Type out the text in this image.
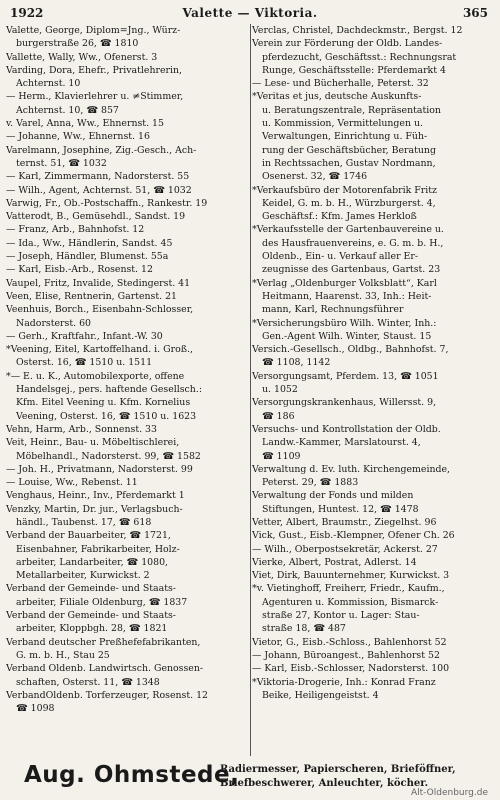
1922	Valette — Viktoria.	365
Valette, George, Diplom=Jng., Würz-
burgerstraße 26, ☎ 1810
Vallette, Wally, Ww., Ofenerst. 3
Varding, Dora, Ehefr., Privatlehrerin,
Achternst. 10
— Herm., Klavierlehrer u. ≠Stimmer,
Achternst. 10, ☎ 857
v. Varel, Anna, Ww., Ehnernst. 15
— Johanne, Ww., Ehnernst. 16
Varelmann, Josephine, Zig.-Gesch., Ach-
ternst. 51, ☎ 1032
— Karl, Zimmermann, Nadorsterst. 55
— Wilh., Agent, Achternst. 51, ☎ 1032
Varwig, Fr., Ob.-Postschaffn., Rankestr. 19
Vatterodt, B., Gemüsehdl., Sandst. 19
— Franz, Arb., Bahnhofst. 12
— Ida., Ww., Händlerin, Sandst. 45
— Joseph, Händler, Blumenst. 55a
— Karl, Eisb.-Arb., Rosenst. 12
Vaupel, Fritz, Invalide, Stedingerst. 41
Veen, Elise, Rentnerin, Gartenst. 21
Veenhuis, Borch., Eisenbahn-Schlosser,
Nadorsterst. 60
— Gerh., Kraftfahr., Infant.-W. 30
*Veening, Eitel, Kartoffelhand. i. Groß.,
Osterst. 16, ☎ 1510 u. 1511
*— E. u. K., Automobilexporte, offene
Handelsgej., pers. haftende Gesellsch.:
Kfm. Eitel Veening u. Kfm. Kornelius
Veening, Osterst. 16, ☎ 1510 u. 1623
Vehn, Harm, Arb., Sonnenst. 33
Veit, Heinr., Bau- u. Möbeltischlerei,
Möbelhandl., Nadorsterst. 99, ☎ 1582
— Joh. H., Privatmann, Nadorsterst. 99
— Louise, Ww., Rebenst. 11
Venghaus, Heinr., Inv., Pferdemarkt 1
Venzky, Martin, Dr. jur., Verlagsbuch-
händl., Taubenst. 17, ☎ 618
Verband der Bauarbeiter, ☎ 1721,
Eisenbahner, Fabrikarbeiter, Holz-
arbeiter, Landarbeiter, ☎ 1080,
Metallarbeiter, Kurwickst. 2
Verband der Gemeinde- und Staats-
arbeiter, Filiale Oldenburg, ☎ 1837
Verband der Gemeinde- und Staats-
arbeiter, Kloppbgh. 28, ☎ 1821
Verband deutscher Preßhefefabrikanten,
G. m. b. H., Stau 25
Verband Oldenb. Landwirtsch. Genossen-
schaften, Osterst. 11, ☎ 1348
VerbandOldenb. Torferzeuger, Rosenst. 12
☎ 1098
Verclas, Christel, Dachdeckmstr., Bergst. 12
Verein zur Förderung der Oldb. Landes-
pferdezucht, Geschäftsst.: Rechnungsrat
Runge, Geschäftsstelle: Pferdemarkt 4
— Lese- und Bücherhalle, Peterst. 32
*Veritas et jus, deutsche Auskunfts-
u. Beratungszentrale, Repräsentation
u. Kommission, Vermittelungen u.
Verwaltungen, Einrichtung u. Füh-
rung der Geschäftsbücher, Beratung
in Rechtssachen, Gustav Nordmann,
Osenerst. 32, ☎ 1746
*Verkaufsbüro der Motorenfabrik Fritz
Keidel, G. m. b. H., Würzburgerst. 4,
Geschäftsf.: Kfm. James Herkloß
*Verkaufsstelle der Gartenbauvereine u.
des Hausfrauenvereins, e. G. m. b. H.,
Oldenb., Ein- u. Verkauf aller Er-
zeugnisse des Gartenbaus, Gartst. 23
*Verlag „Oldenburger Volksblatt“, Karl
Heitmann, Haarenst. 33, Inh.: Heit-
mann, Karl, Rechnungsführer
*Versicherungsbüro Wilh. Winter, Inh.:
Gen.-Agent Wilh. Winter, Staust. 15
Versich.-Gesellsch., Oldbg., Bahnhofst. 7,
☎ 1108, 1142
Versorgungsamt, Pferdem. 13, ☎ 1051
u. 1052
Versorgungskrankenhaus, Willersst. 9,
☎ 186
Versuchs- und Kontrollstation der Oldb.
Landw.-Kammer, Marslatourst. 4,
☎ 1109
Verwaltung d. Ev. luth. Kirchengemeinde,
Peterst. 29, ☎ 1883
Verwaltung der Fonds und milden
Stiftungen, Huntest. 12, ☎ 1478
Vetter, Albert, Braumstr., Ziegelhst. 96
Vick, Gust., Eisb.-Klempner, Ofener Ch. 26
— Wilh., Oberpostsekretär, Ackerst. 27
Vierke, Albert, Postrat, Adlerst. 14
Viet, Dirk, Bauunternehmer, Kurwickst. 3
*v. Vietinghoff, Freiherr, Friedr., Kaufm.,
Agenturen u. Kommission, Bismarck-
straße 27, Kontor u. Lager: Stau-
straße 18, ☎ 487
Vietor, G., Eisb.-Schloss., Bahlenhorst 52
— Johann, Büroangest., Bahlenhorst 52
— Karl, Eisb.-Schlosser, Nadorsterst. 100
*Viktoria-Drogerie, Inh.: Konrad Franz
Beike, Heiligengeistst. 4
Aug. Ohmstede,
Radiermesser, Papierscheren, Brieföffner,
Briefbeschwerer, Anleuchter, köcher.
Alt-Oldenburg.de
